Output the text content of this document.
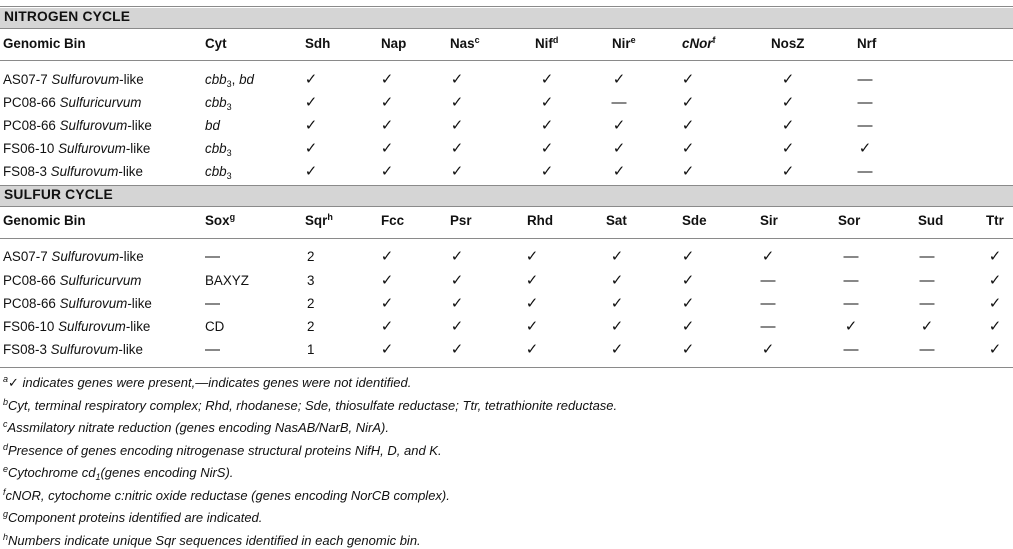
NITROGEN CYCLE
Genomic Bin	Cyt	Sdh	Nap	Nas$^c$	Nif$^d$	Nir$^e$	cNor$^f$	NosZ	Nrf
AS07-7 Sulfurovum-like	cbb$_3$, bd	✓	✓	✓	✓	✓	✓	✓	—
PC08-66 Sulfuricurvum	cbb$_3$	✓	✓	✓	✓	—	✓	✓	—
PC08-66 Sulfurovum-like	bd	✓	✓	✓	✓	✓	✓	✓	—
FS06-10 Sulfurovum-like	cbb$_3$	✓	✓	✓	✓	✓	✓	✓	✓
FS08-3 Sulfurovum-like	cbb$_3$	✓	✓	✓	✓	✓	✓	✓	—
SULFUR CYCLE
Genomic Bin	Sox$^g$	Sqr$^h$	Fcc	Psr	Rhd	Sat	Sde	Sir	Sor	Sud	Ttr
AS07-7 Sulfurovum-like	—	2	✓	✓	✓	✓	✓	✓	—	—	✓
PC08-66 Sulfuricurvum	BAXYZ	3	✓	✓	✓	✓	✓	—	—	—	✓
PC08-66 Sulfurovum-like	—	2	✓	✓	✓	✓	✓	—	—	—	✓
FS06-10 Sulfurovum-like	CD	2	✓	✓	✓	✓	✓	—	✓	✓	✓
FS08-3 Sulfurovum-like	—	1	✓	✓	✓	✓	✓	✓	—	—	✓
$^a$✓ indicates genes were present,—indicates genes were not identified.
$^b$Cyt, terminal respiratory complex; Rhd, rhodanese; Sde, thiosulfate reductase; Ttr, tetrathionite reductase.
$^c$Assmilatory nitrate reduction (genes encoding NasAB/NarB, NirA).
$^d$Presence of genes encoding nitrogenase structural proteins NifH, D, and K.
$^e$Cytochrome $cd_1(genes$ encoding NirS).
$^f$cNOR, cytochome c:nitric oxide reductase (genes encoding NorCB complex).
$^g$Component proteins identified are indicated.
$^h$Numbers indicate unique Sqr sequences identified in each genomic bin.
